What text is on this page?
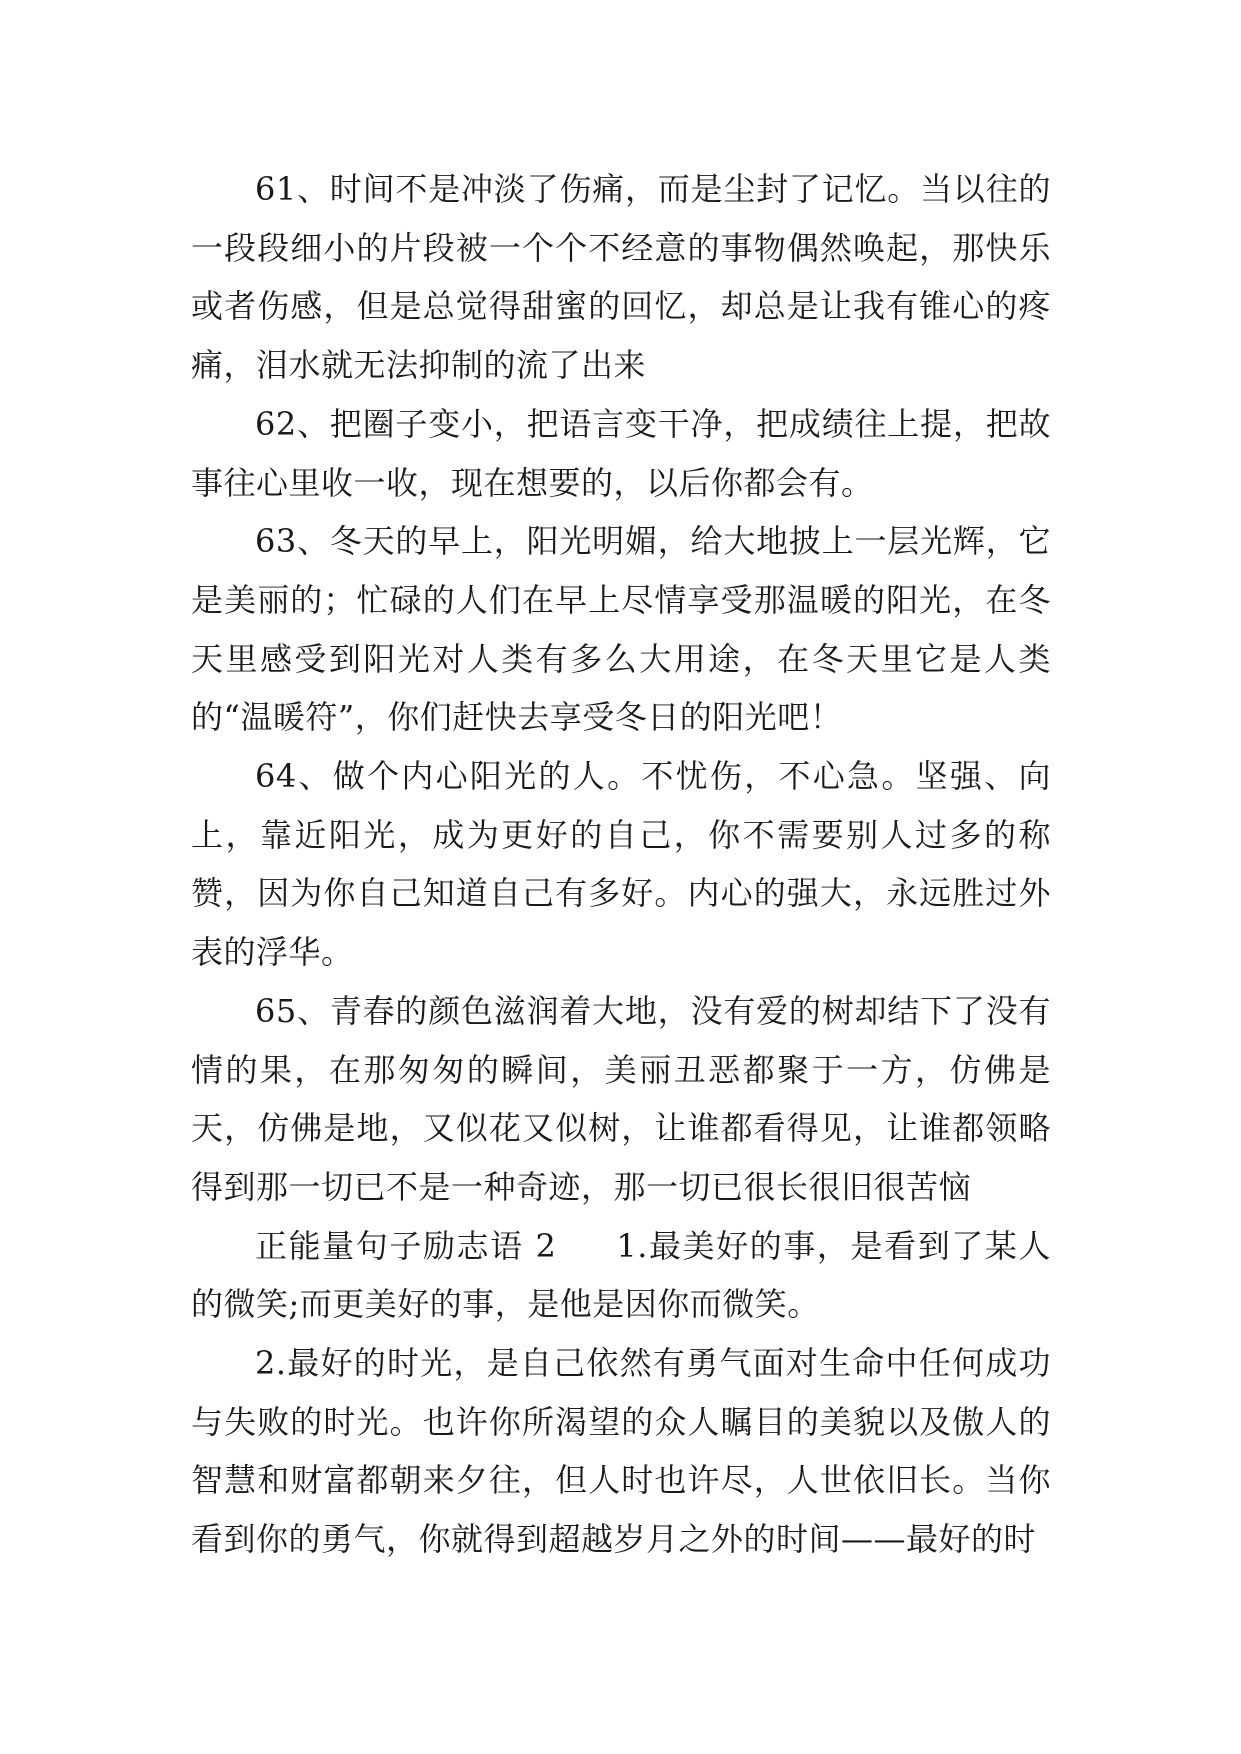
61、时间不是冲淡了伤痛，而是尘封了记忆。当以往的一段段细小的片段被一个个不经意的事物偶然唤起，那快乐或者伤感，但是总觉得甜蜜的回忆，却总是让我有锥心的疼痛，泪水就无法抑制的流了出来

62、把圈子变小，把语言变干净，把成绩往上提，把故事往心里收一收，现在想要的，以后你都会有。

63、冬天的早上，阳光明媚，给大地披上一层光辉，它是美丽的；忙碌的人们在早上尽情享受那温暖的阳光，在冬天里感受到阳光对人类有多么大用途，在冬天里它是人类的“温暖符”，你们赶快去享受冬日的阳光吧！

64、做个内心阳光的人。不忧伤，不心急。坚强、向上，靠近阳光，成为更好的自己，你不需要别人过多的称赞，因为你自己知道自己有多好。内心的强大，永远胜过外表的浮华。

65、青春的颜色滋润着大地，没有爱的树却结下了没有情的果，在那匆匆的瞬间，美丽丑恶都聚于一方，仿佛是天，仿佛是地，又似花又似树，让谁都看得见，让谁都领略得到那一切已不是一种奇迹，那一切已很长很旧很苦恼

正能量句子励志语 2 1.最美好的事，是看到了某人的微笑;而更美好的事，是他是因你而微笑。

2.最好的时光，是自己依然有勇气面对生命中任何成功与失败的时光。也许你所渴望的众人瞩目的美貌以及傲人的智慧和财富都朝来夕往，但人时也许尽，人世依旧长。当你看到你的勇气，你就得到超越岁月之外的时间——最好的时
